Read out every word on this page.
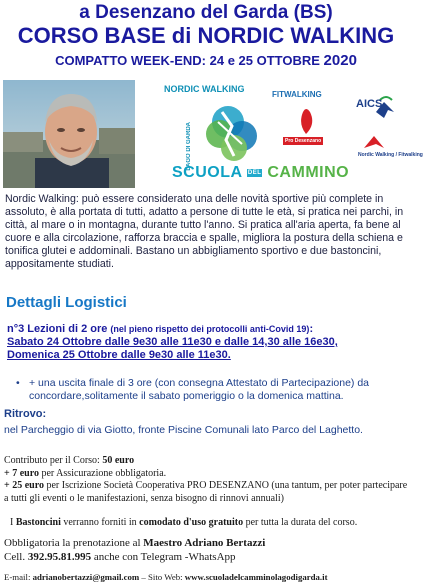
a Desenzano del Garda (BS)
CORSO BASE di NORDIC WALKING
COMPATTO WEEK-END: 24 e 25 OTTOBRE 2020
NORDIC WALKING
LAGO DI GARDA
FITWALKING
Pro Desenzano
AICS
Nordic Walking / Fitwalking
SCUOLA DEL CAMMINO

Nordic Walking: può essere considerato una delle novità sportive più complete in assoluto, è alla portata di tutti, adatto a persone di tutte le età, si pratica nei parchi, in città, al mare o in montagna, durante tutto l'anno. Si pratica all'aria aperta, fa bene al cuore e alla circolazione, rafforza braccia e spalle, migliora la postura della schiena e tonifica glutei e addominali. Bastano un abbigliamento sportivo e due bastoncini, appositamente studiati.

Dettagli Logistici
n°3 Lezioni di 2 ore (nel pieno rispetto dei protocolli anti-Covid 19):
Sabato 24 Ottobre dalle 9e30 alle 11e30 e dalle 14,30 alle 16e30,
Domenica 25 Ottobre dalle 9e30 alle 11e30.
• + una uscita finale di 3 ore (con consegna Attestato di Partecipazione) da concordare,solitamente il sabato pomeriggio o la domenica mattina.
Ritrovo:
nel Parcheggio di via Giotto, fronte Piscine Comunali lato Parco del Laghetto.
Contributo per il Corso: 50 euro
+ 7 euro per Assicurazione obbligatoria.
+ 25 euro per Iscrizione Società Cooperativa PRO DESENZANO (una tantum, per poter partecipare a tutti gli eventi o le manifestazioni, senza bisogno di rinnovi annuali)
I Bastoncini verranno forniti in comodato d'uso gratuito per tutta la durata del corso.
Obbligatoria la prenotazione al Maestro Adriano Bertazzi
Cell. 392.95.81.995 anche con Telegram -WhatsApp
E-mail: adrianobertazzi@gmail.com – Sito Web: www.scuoladelcamminolagodigarda.it
